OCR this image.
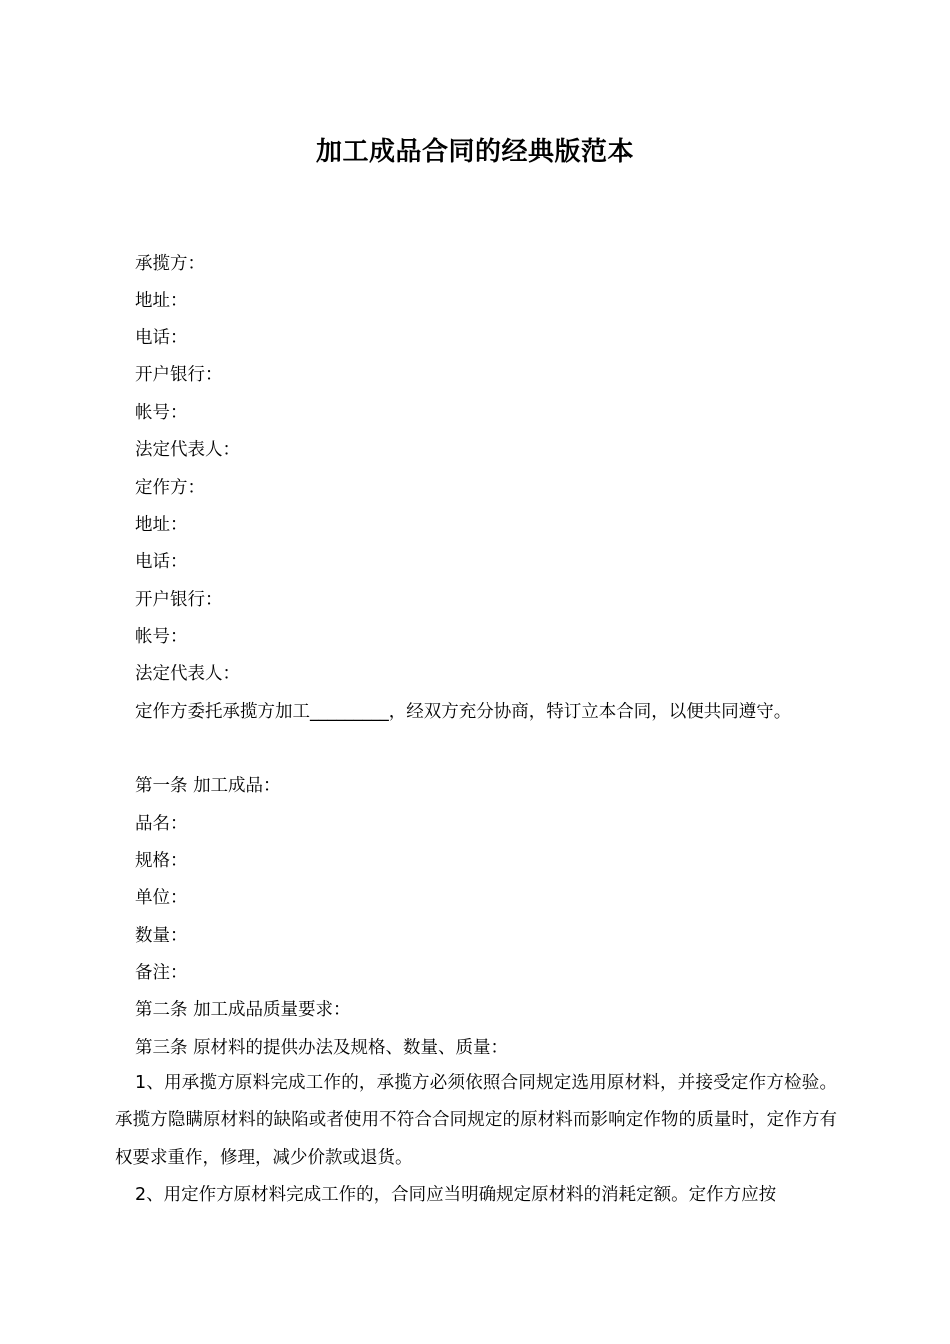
加工成品合同的经典版范本
承揽方：
地址：
电话：
开户银行：
帐号：
法定代表人：
定作方：
地址：
电话：
开户银行：
帐号：
法定代表人：
定作方委托承揽方加工_________，经双方充分协商，特订立本合同，以便共同遵守。
第一条 加工成品：
品名：
规格：
单位：
数量：
备注：
第二条 加工成品质量要求：
第三条 原材料的提供办法及规格、数量、质量：
1、用承揽方原料完成工作的，承揽方必须依照合同规定选用原材料，并接受定作方检验。承揽方隐瞒原材料的缺陷或者使用不符合合同规定的原材料而影响定作物的质量时，定作方有权要求重作，修理，减少价款或退货。
2、用定作方原材料完成工作的，合同应当明确规定原材料的消耗定额。定作方应按
